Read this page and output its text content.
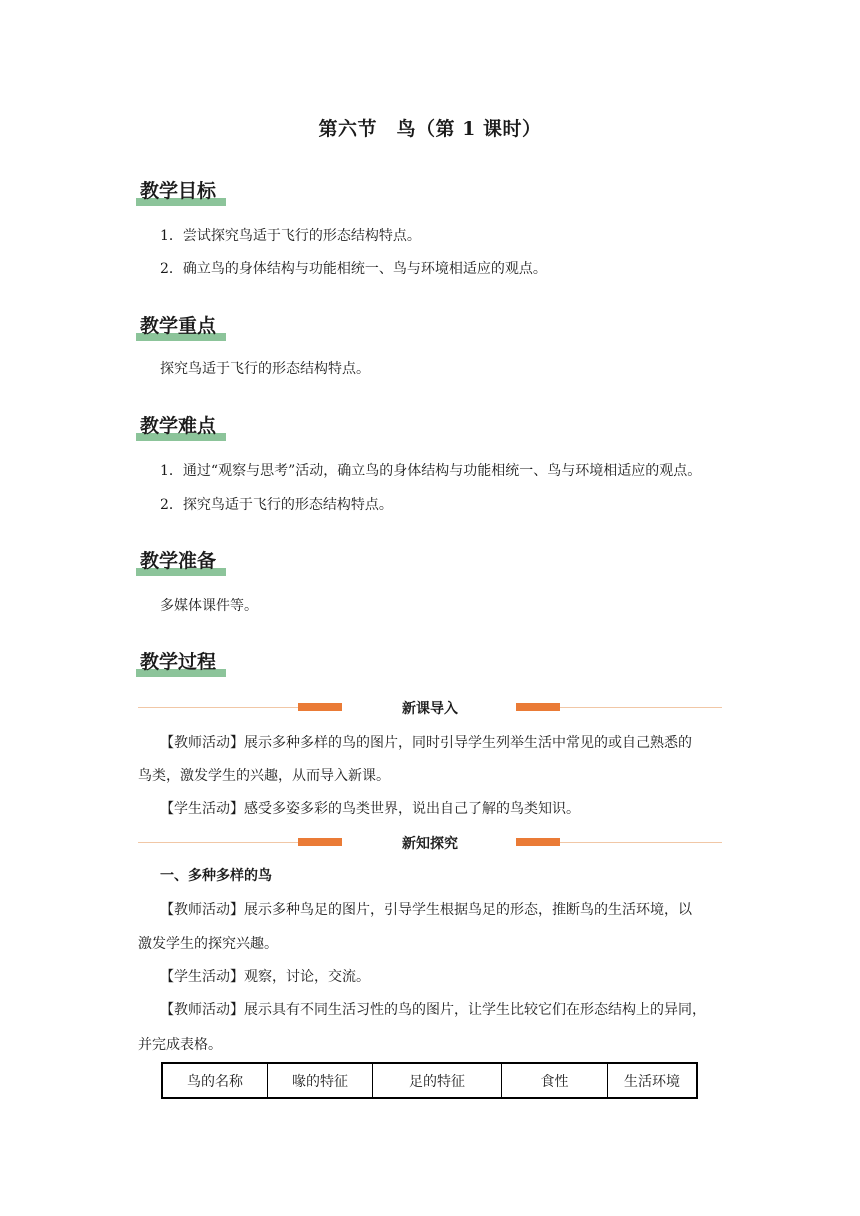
第六节　鸟（第 1 课时）
教学目标
1．尝试探究鸟适于飞行的形态结构特点。
2．确立鸟的身体结构与功能相统一、鸟与环境相适应的观点。
教学重点
探究鸟适于飞行的形态结构特点。
教学难点
1．通过“观察与思考”活动，确立鸟的身体结构与功能相统一、鸟与环境相适应的观点。
2．探究鸟适于飞行的形态结构特点。
教学准备
多媒体课件等。
教学过程
新课导入
【教师活动】展示多种多样的鸟的图片，同时引导学生列举生活中常见的或自己熟悉的
鸟类，激发学生的兴趣，从而导入新课。
【学生活动】感受多姿多彩的鸟类世界，说出自己了解的鸟类知识。
新知探究
一、多种多样的鸟
【教师活动】展示多种鸟足的图片，引导学生根据鸟足的形态，推断鸟的生活环境，以
激发学生的探究兴趣。
【学生活动】观察，讨论，交流。
【教师活动】展示具有不同生活习性的鸟的图片，让学生比较它们在形态结构上的异同，
并完成表格。
鸟的名称	喙的特征	足的特征	食性	生活环境
